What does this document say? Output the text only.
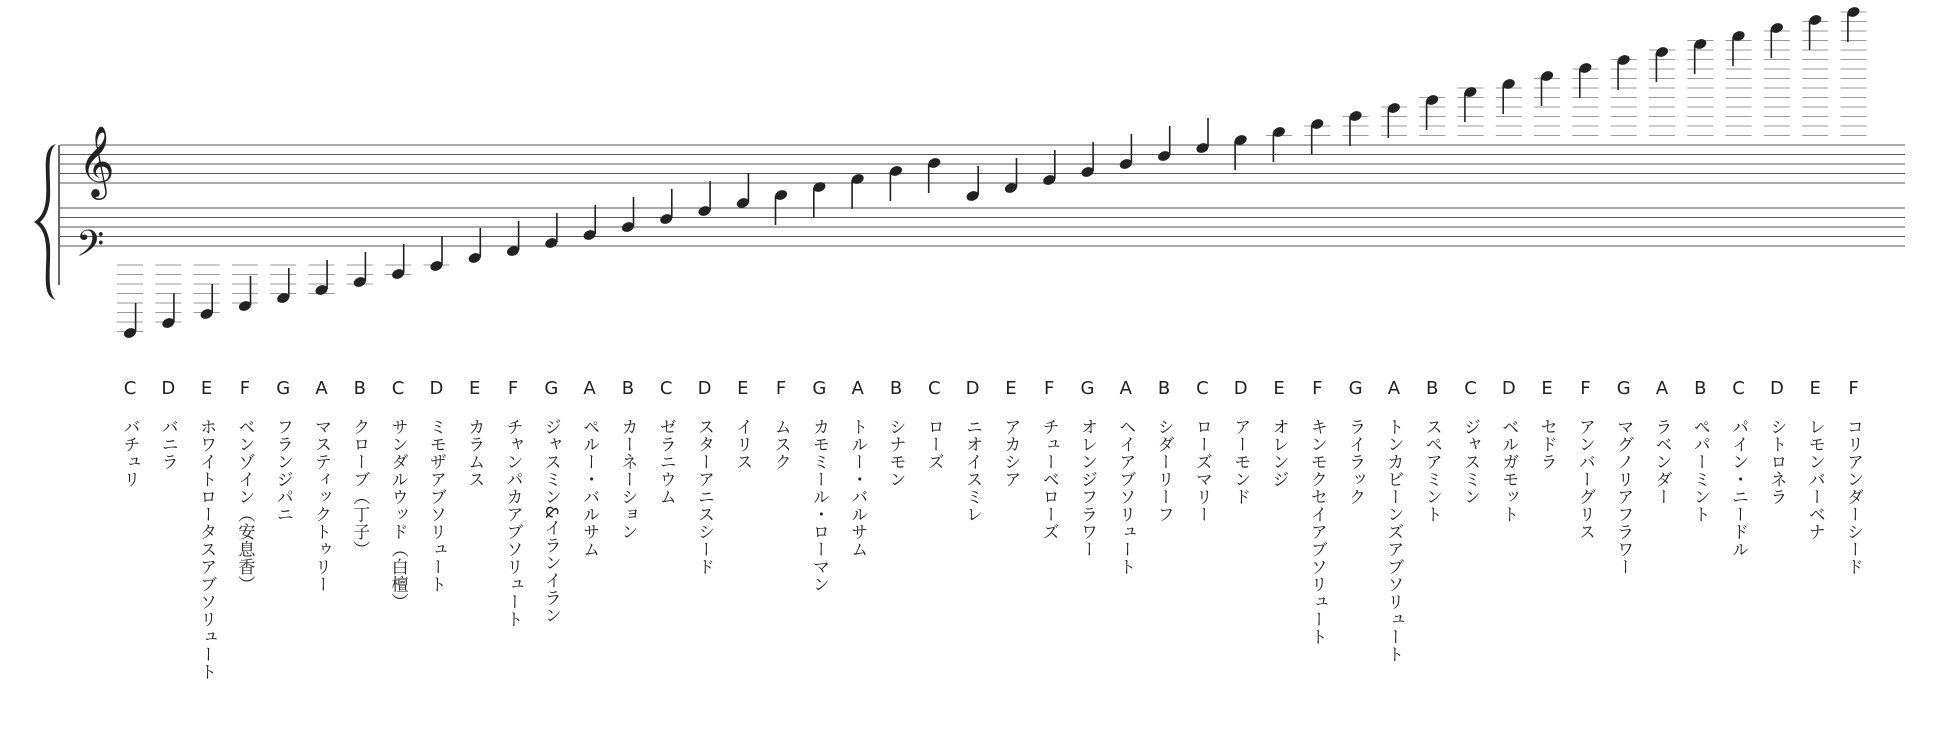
𝄞
𝄢
C
バチュリ
D
バニラ
E
ホワイトロータスアブソリュート
F
ベンゾイン（安息香）
G
フランジパニ
A
マスティックトゥリー
B
クローブ（丁子）
C
サンダルウッド（白檀）
D
ミモザアブソリュート
E
カラムス
F
チャンパカアブソリュート
G
ジャスミン&イランイラン
A
ペルー・バルサム
B
カーネーション
C
ゼラニウム
D
スターアニスシード
E
イリス
F
ムスク
G
カモミール・ローマン
A
トルー・バルサム
B
シナモン
C
ローズ
D
ニオイスミレ
E
アカシア
F
チューベローズ
G
オレンジフラワー
A
ヘイアブソリュート
B
シダーリーフ
C
ローズマリー
D
アーモンド
E
オレンジ
F
キンモクセイアブソリュート
G
ライラック
A
トンカビーンズアブソリュート
B
スペアミント
C
ジャスミン
D
ベルガモット
E
セドラ
F
アンバーグリス
G
マグノリアフラワー
A
ラベンダー
B
ペパーミント
C
パイン・ニードル
D
シトロネラ
E
レモンバーベナ
F
コリアンダーシード
